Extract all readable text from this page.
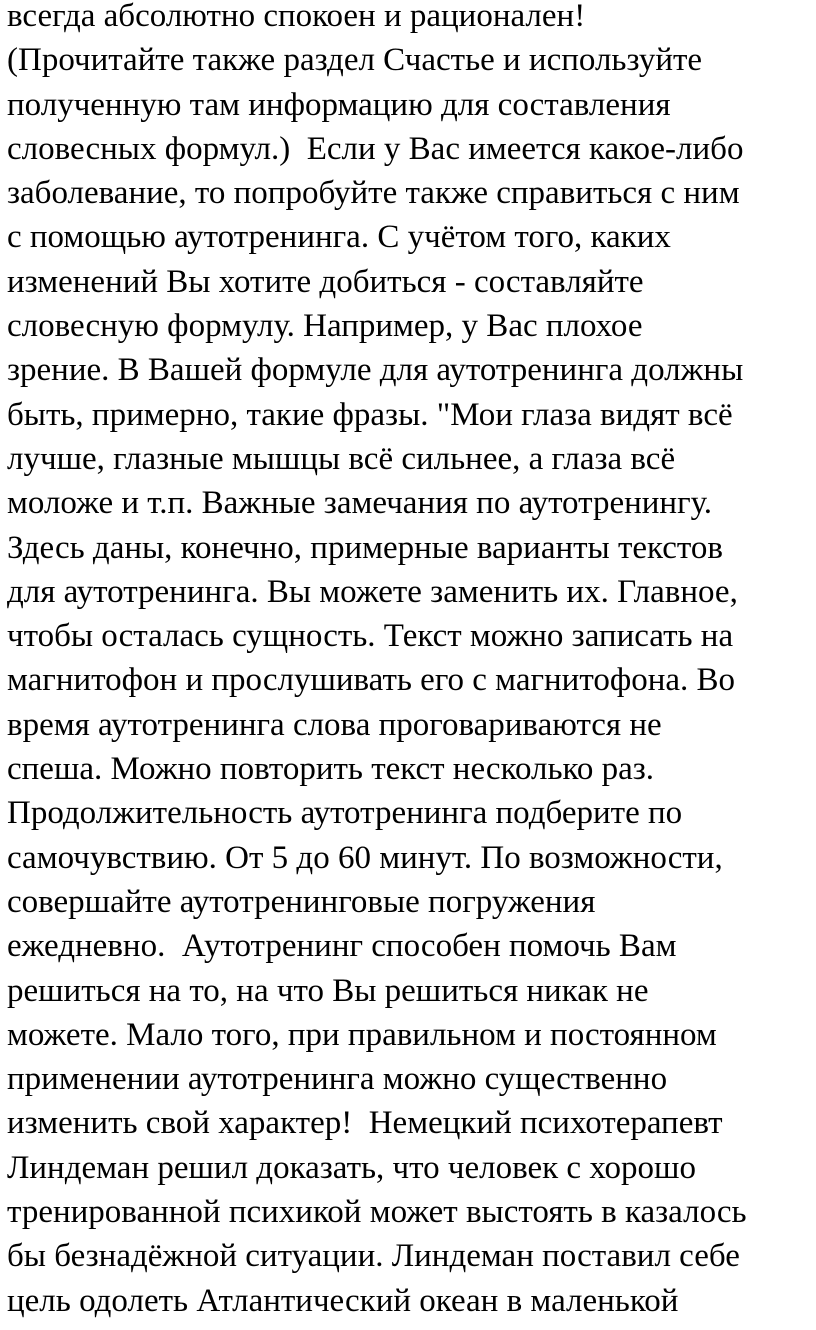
всегда абсолютно спокоен и рационален!
(Прочитайте также раздел Счастье и используйте
полученную там информацию для составления
словесных формул.)  Если у Вас имеется какое-либо
заболевание, то попробуйте также справиться с ним
с помощью аутотренинга. С учётом того, каких
изменений Вы хотите добиться - составляйте
словесную формулу. Например, у Вас плохое
зрение. В Вашей формуле для аутотренинга должны
быть, примерно, такие фразы. "Мои глаза видят всё
лучше, глазные мышцы всё сильнее, а глаза всё
моложе и т.п. Важные замечания по аутотренингу.
Здесь даны, конечно, примерные варианты текстов
для аутотренинга. Вы можете заменить их. Главное,
чтобы осталась сущность. Текст можно записать на
магнитофон и прослушивать его с магнитофона. Во
время аутотренинга слова проговариваются не
спеша. Можно повторить текст несколько раз.
Продолжительность аутотренинга подберите по
самочувствию. От 5 до 60 минут. По возможности,
совершайте аутотренинговые погружения
ежедневно.  Аутотренинг способен помочь Вам
решиться на то, на что Вы решиться никак не
можете. Мало того, при правильном и постоянном
применении аутотренинга можно существенно
изменить свой характер!  Немецкий психотерапевт
Линдеман решил доказать, что человек с хорошо
тренированной психикой может выстоять в казалось
бы безнадёжной ситуации. Линдеман поставил себе
цель одолеть Атлантический океан в маленькой
